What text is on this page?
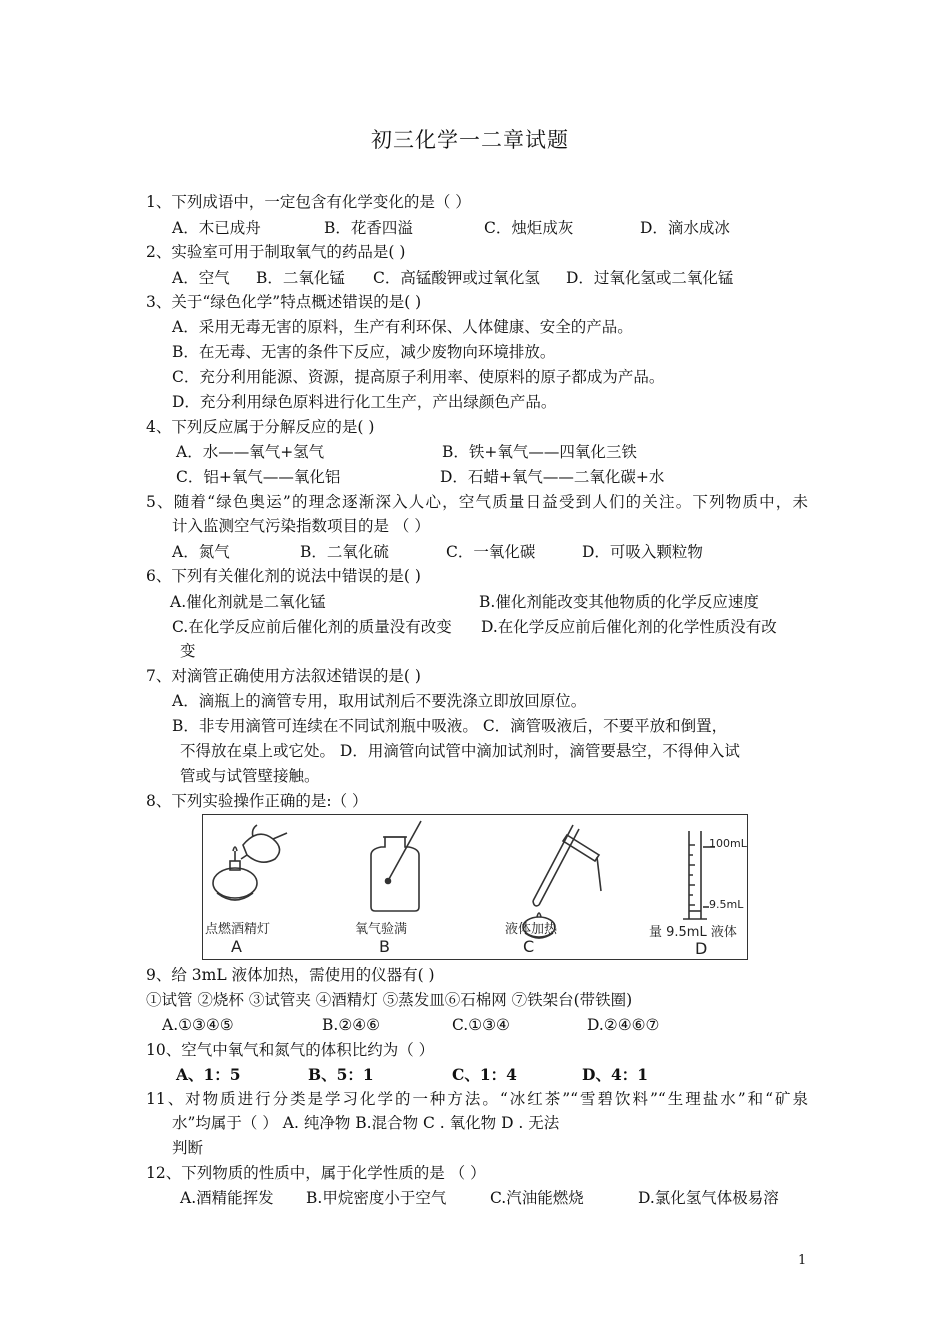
初三化学一二章试题
1、下列成语中，一定包含有化学变化的是（ ）
A．木已成舟	B．花香四溢	C．烛炬成灰	D．滴水成冰
2、实验室可用于制取氧气的药品是( )
A．空气 B．二氧化锰 C．高锰酸钾或过氧化氢 D．过氧化氢或二氧化锰
3、关于“绿色化学”特点概述错误的是( )
A．采用无毒无害的原料，生产有利环保、人体健康、安全的产品。
B．在无毒、无害的条件下反应，减少废物向环境排放。
C．充分利用能源、资源，提高原子利用率、使原料的原子都成为产品。
D．充分利用绿色原料进行化工生产，产出绿颜色产品。
4、下列反应属于分解反应的是( )
A．水——氧气+氢气	B．铁+氧气——四氧化三铁
C．铝+氧气——氧化铝	D．石蜡+氧气——二氧化碳+水
5、随着“绿色奥运”的理念逐渐深入人心，空气质量日益受到人们的关注。下列物质中，未
计入监测空气污染指数项目的是 （ ）
A．氮气	B．二氧化硫	C．一氧化碳	D．可吸入颗粒物
6、下列有关催化剂的说法中错误的是( )
A.催化剂就是二氧化锰	B.催化剂能改变其他物质的化学反应速度
C.在化学反应前后催化剂的质量没有改变 D.在化学反应前后催化剂的化学性质没有改
变
7、对滴管正确使用方法叙述错误的是( )
A．滴瓶上的滴管专用，取用试剂后不要洗涤立即放回原位。
B．非专用滴管可连续在不同试剂瓶中吸液。 C．滴管吸液后，不要平放和倒置，
不得放在桌上或它处。 D．用滴管向试管中滴加试剂时，滴管要悬空，不得伸入试
管或与试管壁接触。
8、下列实验操作正确的是:（ ）
点燃酒精灯	氧气验满	液体加热	量 9.5mL 液体
A	B	C	D
100mL
9.5mL
9、给 3mL 液体加热，需使用的仪器有( )
①试管 ②烧杯 ③试管夹 ④酒精灯 ⑤蒸发皿⑥石棉网 ⑦铁架台(带铁圈)
A.①③④⑤	B.②④⑥	C.①③④	D.②④⑥⑦
10、空气中氧气和氮气的体积比约为（ ）
A、1：5	B、5：1	C、1：4	D、4：1
11、对物质进行分类是学习化学的一种方法。“冰红茶”“雪碧饮料”“生理盐水”和“矿泉
水”均属于（ ） A. 纯净物 B.混合物 C . 氧化物 D . 无法
判断
12、下列物质的性质中，属于化学性质的是 （ ）
A.酒精能挥发 B.甲烷密度小于空气	C.汽油能燃烧	D.氯化氢气体极易溶
1
